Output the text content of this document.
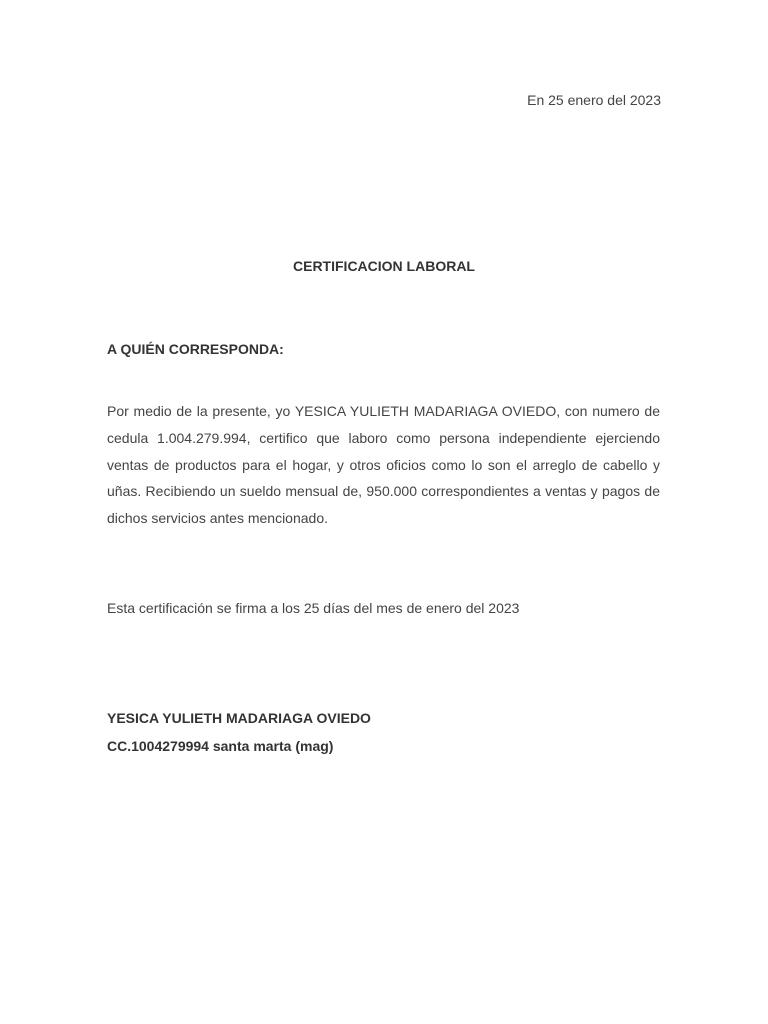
En 25 enero del 2023
CERTIFICACION LABORAL
A QUIÉN CORRESPONDA:

Por medio de la presente, yo YESICA YULIETH MADARIAGA OVIEDO, con numero de cedula 1.004.279.994, certifico que laboro como persona independiente ejerciendo ventas de productos para el hogar, y otros oficios como lo son el arreglo de cabello y uñas. Recibiendo un sueldo mensual de, 950.000 correspondientes a ventas y pagos de dichos servicios antes mencionado.

Esta certificación se firma a los 25 días del mes de enero del 2023
YESICA YULIETH MADARIAGA OVIEDO
CC.1004279994 santa marta (mag)
